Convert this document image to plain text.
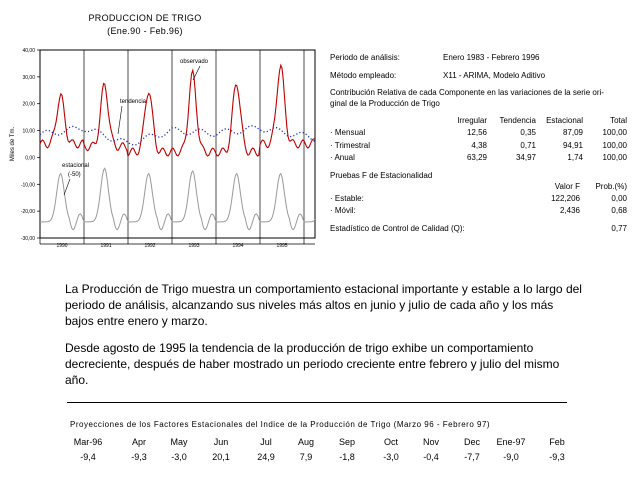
PRODUCCION DE TRIGO
(Ene.90 - Feb.96)
40,00
30,00
20,00
10,00
0,00
-10,00
-20,00
-30,00
1990	1991	1992	1993	1994	1995
Miles de Tm.
observado
tendencia
estacional
(-50)
Periodo de análisis:	Enero 1983 - Febrero 1996
Método empleado:	X11 - ARIMA, Modelo Aditivo
Contribución Relativa de cada Componente en las variaciones de la serie ori-
ginal de la Producción de Trigo
Pruebas F de Estacionalidad
Estadístico de Control de Calidad (Q):	0,77
La Producción de Trigo muestra un comportamiento estacional importante y estable a lo largo del periodo de análisis, alcanzando sus niveles más altos en junio y julio de cada año y los más bajos entre enero y marzo.
Desde agosto de 1995 la tendencia de la producción de trigo exhibe un comportamiento decreciente, después de haber mostrado un periodo creciente entre febrero y julio del mismo año.
Proyecciones de los Factores Estacionales del Indice de la Producción de Trigo (Marzo 96 - Febrero 97)
Irregular	Tendencia	Estacional	Total
· Mensual	12,56	0,35	87,09	100,00
· Trimestral	4,38	0,71	94,91	100,00
· Anual	63,29	34,97	1,74	100,00
Valor F	Prob.(%)
· Estable:	122,206	0,00
· Móvil:	2,436	0,68
Mar-96
-9,4
Apr
-9,3
May
-3,0
Jun
20,1
Jul
24,9
Aug
7,9
Sep
-1,8
Oct
-3,0
Nov
-0,4
Dec
-7,7
Ene-97
-9,0
Feb
-9,3
